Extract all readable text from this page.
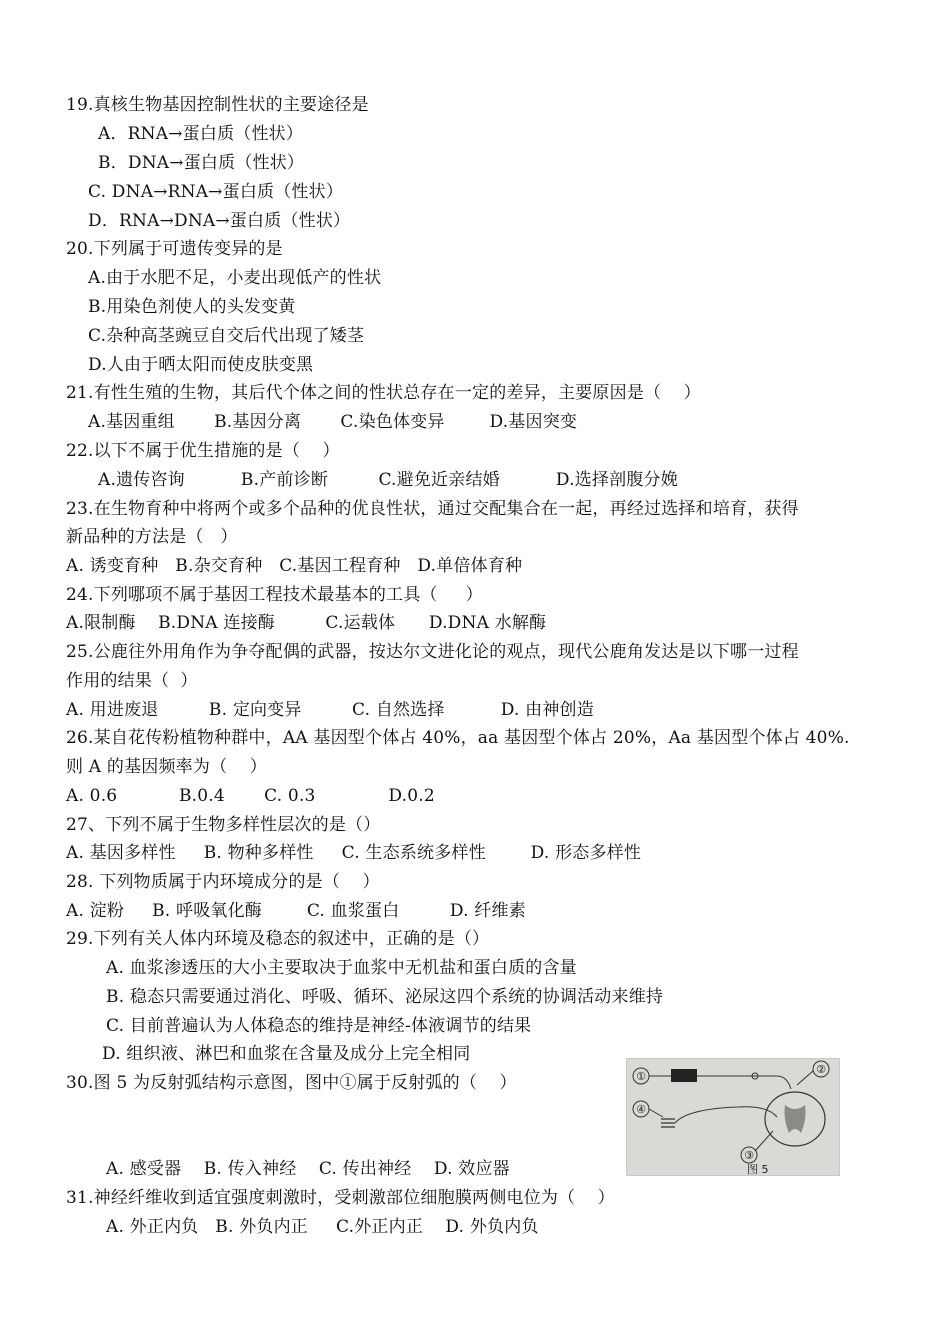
19.真核生物基因控制性状的主要途径是
A．RNA→蛋白质（性状）
B．DNA→蛋白质（性状）
C. DNA→RNA→蛋白质（性状）
D．RNA→DNA→蛋白质（性状）
20.下列属于可遗传变异的是
A.由于水肥不足，小麦出现低产的性状
B.用染色剂使人的头发变黄
C.杂种高茎豌豆自交后代出现了矮茎
D.人由于晒太阳而使皮肤变黑
21.有性生殖的生物，其后代个体之间的性状总存在一定的差异，主要原因是（    ）
A.基因重组       B.基因分离       C.染色体变异        D.基因突变
22.以下不属于优生措施的是（    ）
A.遗传咨询          B.产前诊断         C.避免近亲结婚          D.选择剖腹分娩
23.在生物育种中将两个或多个品种的优良性状，通过交配集合在一起，再经过选择和培育，获得
新品种的方法是（   ）
A. 诱变育种   B.杂交育种   C.基因工程育种   D.单倍体育种
24.下列哪项不属于基因工程技术最基本的工具（     ）
A.限制酶    B.DNA 连接酶         C.运载体      D.DNA 水解酶
25.公鹿往外用角作为争夺配偶的武器，按达尔文进化论的观点，现代公鹿角发达是以下哪一过程
作用的结果（  ）
A. 用进废退         B. 定向变异         C. 自然选择          D. 由神创造
26.某自花传粉植物种群中，AA 基因型个体占 40%，aa 基因型个体占 20%，Aa 基因型个体占 40%.
则 A 的基因频率为（    ）
A. 0.6           B.0.4       C. 0.3             D.0.2
27、下列不属于生物多样性层次的是（）
A. 基因多样性     B. 物种多样性     C. 生态系统多样性        D. 形态多样性
28. 下列物质属于内环境成分的是（    ）
A. 淀粉     B. 呼吸氧化酶        C. 血浆蛋白         D. 纤维素
29.下列有关人体内环境及稳态的叙述中，正确的是（）
A. 血浆渗透压的大小主要取决于血浆中无机盐和蛋白质的含量
B. 稳态只需要通过消化、呼吸、循环、泌尿这四个系统的协调活动来维持
C. 目前普遍认为人体稳态的维持是神经-体液调节的结果
D. 组织液、淋巴和血浆在含量及成分上完全相同
30.图 5 为反射弧结构示意图，图中①属于反射弧的（    ）
A. 感受器    B. 传入神经    C. 传出神经    D. 效应器
31.神经纤维收到适宜强度刺激时，受刺激部位细胞膜两侧电位为（    ）
A. 外正内负   B. 外负内正     C.外正内正    D. 外负内负
①
②
④
③
图 5
